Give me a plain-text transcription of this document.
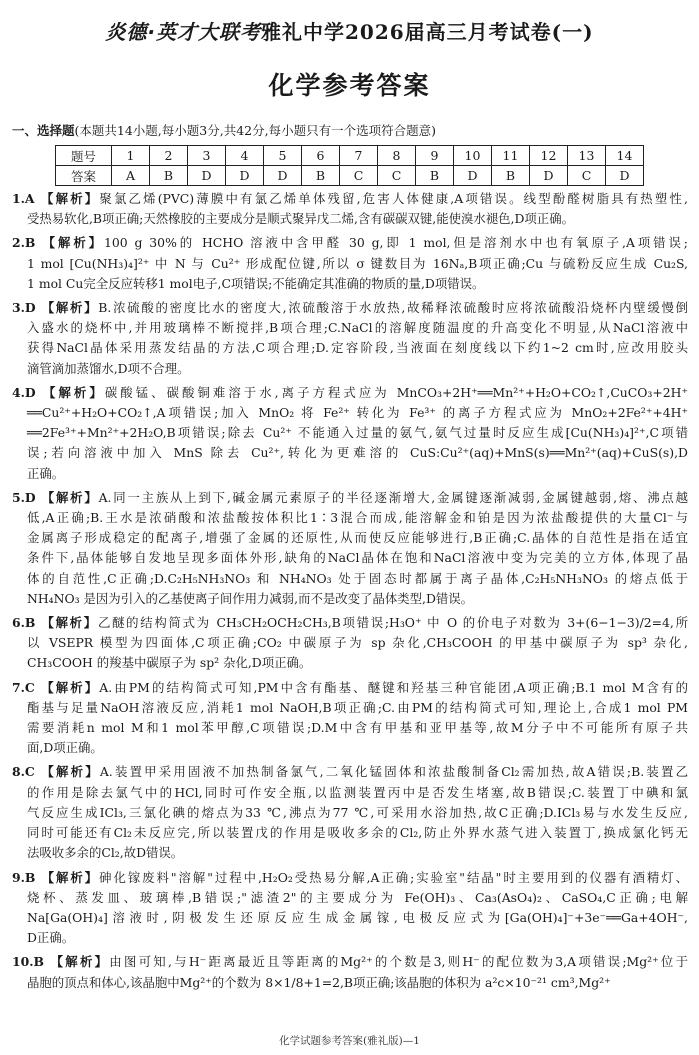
炎德·英才大联考雅礼中学2026届高三月考试卷(一)
化学参考答案
一、选择题(本题共14小题,每小题3分,共42分,每小题只有一个选项符合题意)
题号	1	2	3	4	5	6	7	8	9	10	11	12	13	14
答案	A	B	D	D	D	B	C	C	B	D	B	D	C	D
1.A 【解析】聚氯乙烯(PVC)薄膜中有氯乙烯单体残留,危害人体健康,A项错误。线型酚醛树脂具有热塑性,
受热易软化,B项正确;天然橡胶的主要成分是顺式聚异戊二烯,含有碳碳双键,能使溴水褪色,D项正确。
2.B 【解析】100 g 30%的 HCHO 溶液中含甲醛 30 g,即 1 mol,但是溶剂水中也有氧原子,A项错误;
1 mol [Cu(NH₃)₄]²⁺ 中 N 与 Cu²⁺ 形成配位键,所以 σ 键数目为 16Nₐ,B项正确;Cu 与硫粉反应生成 Cu₂S,
1 mol Cu完全反应转移1 mol电子,C项错误;不能确定其准确的物质的量,D项错误。
3.D 【解析】B.浓硫酸的密度比水的密度大,浓硫酸溶于水放热,故稀释浓硫酸时应将浓硫酸沿烧杯内壁缓慢倒
入盛水的烧杯中,并用玻璃棒不断搅拌,B项合理;C.NaCl的溶解度随温度的升高变化不明显,从NaCl溶液中
获得NaCl晶体采用蒸发结晶的方法,C项合理;D.定容阶段,当液面在刻度线以下约1~2 cm时,应改用胶头
滴管滴加蒸馏水,D项不合理。
4.D 【解析】碳酸锰、碳酸铜难溶于水,离子方程式应为 MnCO₃+2H⁺══Mn²⁺+H₂O+CO₂↑,CuCO₃+2H⁺
══Cu²⁺+H₂O+CO₂↑,A项错误;加入 MnO₂ 将 Fe²⁺ 转化为 Fe³⁺ 的离子方程式应为 MnO₂+2Fe²⁺+4H⁺
══2Fe³⁺+Mn²⁺+2H₂O,B项错误;除去 Cu²⁺ 不能通入过量的氨气,氨气过量时反应生成[Cu(NH₃)₄]²⁺,C项错
误;若向溶液中加入 MnS 除去 Cu²⁺,转化为更难溶的 CuS:Cu²⁺(aq)+MnS(s)══Mn²⁺(aq)+CuS(s),D
正确。
5.D 【解析】A.同一主族从上到下,碱金属元素原子的半径逐渐增大,金属键逐渐减弱,金属键越弱,熔、沸点越
低,A正确;B.王水是浓硝酸和浓盐酸按体积比1∶3混合而成,能溶解金和铂是因为浓盐酸提供的大量Cl⁻与
金属离子形成稳定的配离子,增强了金属的还原性,从而使反应能够进行,B正确;C.晶体的自范性是指在适宜
条件下,晶体能够自发地呈现多面体外形,缺角的NaCl晶体在饱和NaCl溶液中变为完美的立方体,体现了晶
体的自范性,C正确;D.C₂H₅NH₃NO₃ 和 NH₄NO₃ 处于固态时都属于离子晶体,C₂H₅NH₃NO₃ 的熔点低于
NH₄NO₃ 是因为引入的乙基使离子间作用力减弱,而不是改变了晶体类型,D错误。
6.B 【解析】乙醚的结构简式为 CH₃CH₂OCH₂CH₃,B项错误;H₃O⁺ 中 O 的价电子对数为 3+(6−1−3)/2=4,所
以 VSEPR 模型为四面体,C项正确;CO₂ 中碳原子为 sp 杂化,CH₃COOH 的甲基中碳原子为 sp³ 杂化,
CH₃COOH 的羧基中碳原子为 sp² 杂化,D项正确。
7.C 【解析】A.由PM的结构简式可知,PM中含有酯基、醚键和羟基三种官能团,A项正确;B.1 mol M含有的
酯基与足量NaOH溶液反应,消耗1 mol NaOH,B项正确;C.由PM的结构简式可知,理论上,合成1 mol PM
需要消耗n mol M和1 mol苯甲醇,C项错误;D.M中含有甲基和亚甲基等,故M分子中不可能所有原子共
面,D项正确。
8.C 【解析】A.装置甲采用固液不加热制备氯气,二氧化锰固体和浓盐酸制备Cl₂需加热,故A错误;B.装置乙
的作用是除去氯气中的HCl,同时可作安全瓶,以监测装置丙中是否发生堵塞,故B错误;C.装置丁中碘和氯
气反应生成ICl₃,三氯化碘的熔点为33 ℃,沸点为77 ℃,可采用水浴加热,故C正确;D.ICl₃易与水发生反应,
同时可能还有Cl₂未反应完,所以装置戊的作用是吸收多余的Cl₂,防止外界水蒸气进入装置丁,换成氯化钙无
法吸收多余的Cl₂,故D错误。
9.B 【解析】砷化镓废料"溶解"过程中,H₂O₂受热易分解,A正确;实验室"结晶"时主要用到的仪器有酒精灯、
烧杯、蒸发皿、玻璃棒,B错误;"滤渣2"的主要成分为 Fe(OH)₃、Ca₃(AsO₄)₂、CaSO₄,C正确;电解
Na[Ga(OH)₄]溶液时,阴极发生还原反应生成金属镓,电极反应式为[Ga(OH)₄]⁻+3e⁻══Ga+4OH⁻,
D正确。
10.B 【解析】由图可知,与H⁻距离最近且等距离的Mg²⁺的个数是3,则H⁻的配位数为3,A项错误;Mg²⁺位于
晶胞的顶点和体心,该晶胞中Mg²⁺的个数为 8×1/8+1=2,B项正确;该晶胞的体积为 a²c×10⁻²¹ cm³,Mg²⁺
化学试题参考答案(雅礼版)—1
